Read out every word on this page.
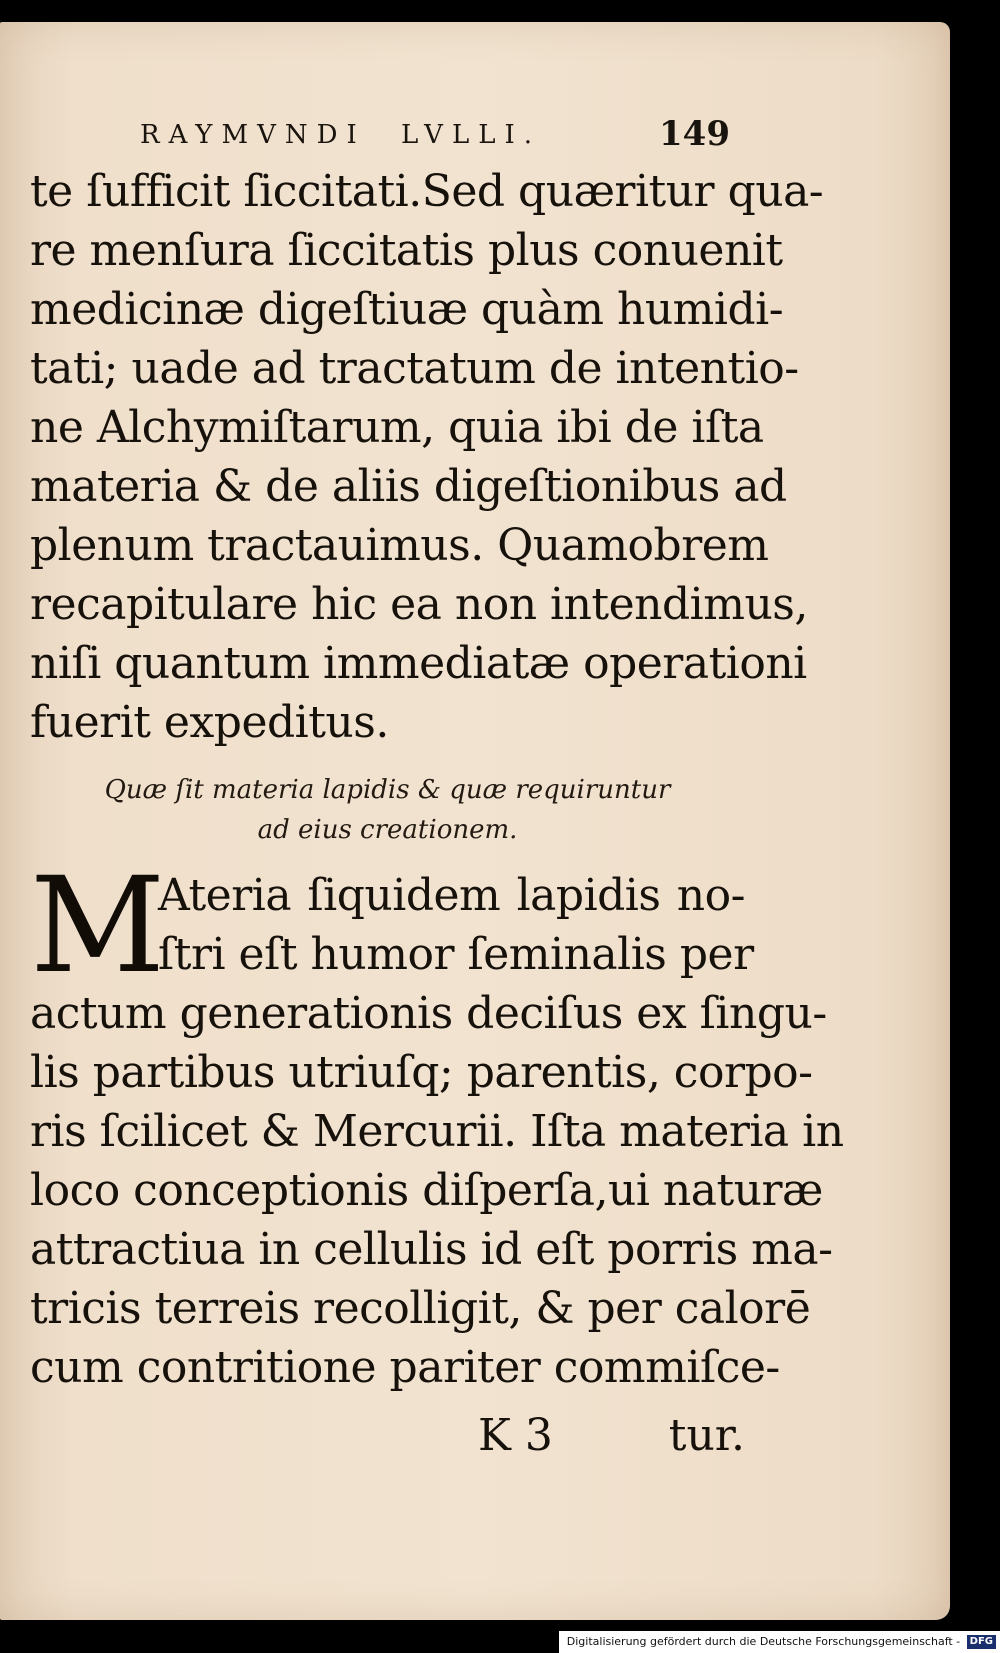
RAYMVNDI LVLLI.	149

te ſufficit ſiccitati.Sed quæritur qua-
re menſura ſiccitatis plus conuenit
medicinæ digeſtiuæ quàm humidi-
tati; uade ad tractatum de intentio-
ne Alchymiſtarum, quia ibi de iſta
materia & de aliis digeſtionibus ad
plenum tractauimus. Quamobrem
recapitulare hic ea non intendimus,
niſi quantum immediatæ operationi
fuerit expeditus.

Quæ ſit materia lapidis & quæ requiruntur
ad eius creationem.
M
Ateria ſiquidem lapidis no-
ſtri eſt humor ſeminalis per
actum generationis deciſus ex ſingu-
lis partibus utriuſq; parentis, corpo-
ris ſcilicet & Mercurii. Iſta materia in
loco conceptionis diſperſa,ui naturæ
attractiua in cellulis id eſt porris ma-
tricis terreis recolligit, & per calorē
cum contritione pariter commiſce-
K 3	tur.
Digitalisierung gefördert durch die Deutsche Forschungsgemeinschaft - DFG
